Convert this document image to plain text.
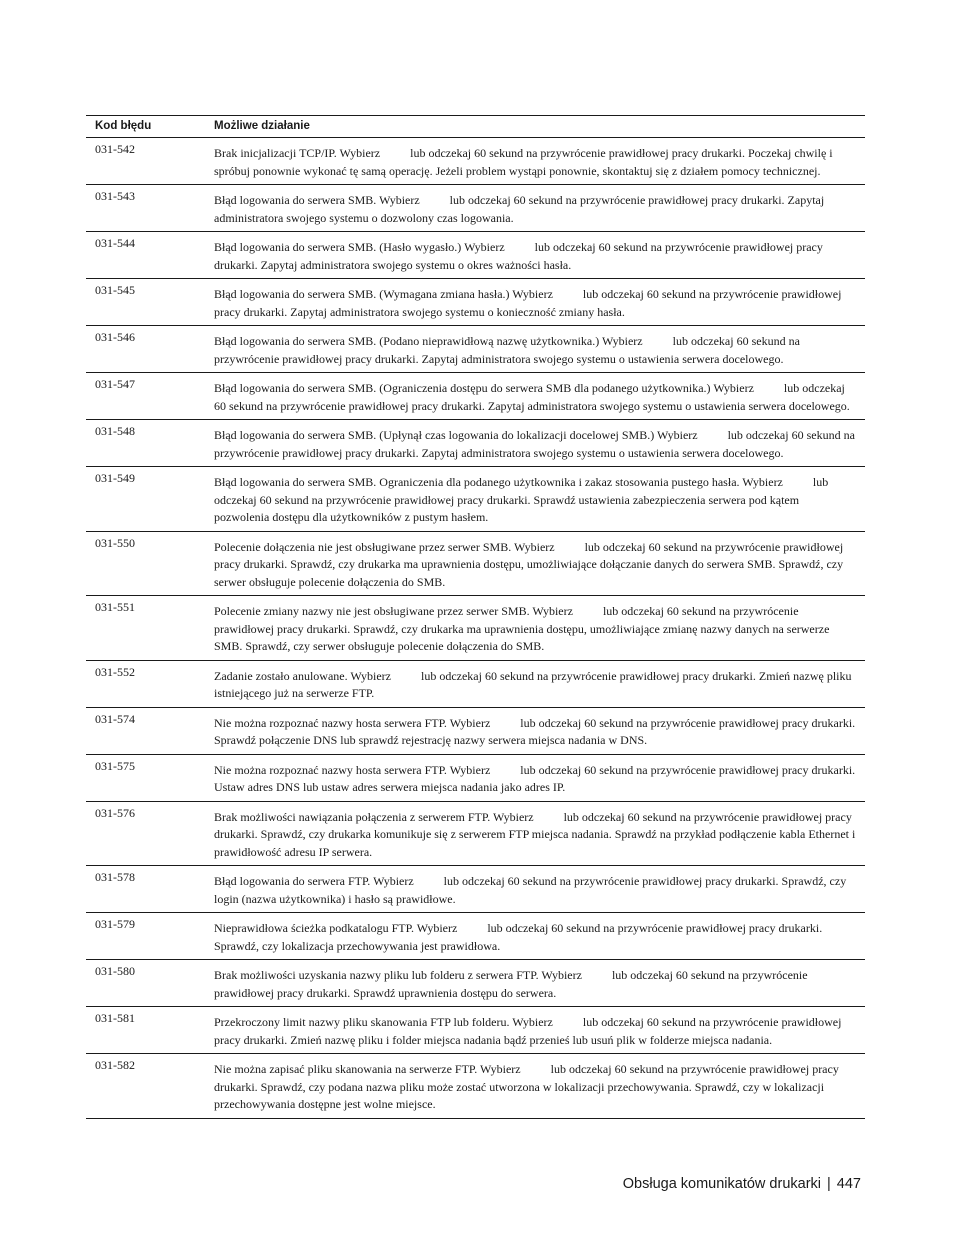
Kod błędu	Możliwe działanie
031-542	Brak inicjalizacji TCP/IP. Wybierz          lub odczekaj 60 sekund na przywrócenie prawidłowej pracy drukarki. Poczekaj chwilę i spróbuj ponownie wykonać tę samą operację. Jeżeli problem wystąpi ponownie, skontaktuj się z działem pomocy technicznej.
031-543	Błąd logowania do serwera SMB. Wybierz          lub odczekaj 60 sekund na przywrócenie prawidłowej pracy drukarki. Zapytaj administratora swojego systemu o dozwolony czas logowania.
031-544	Błąd logowania do serwera SMB. (Hasło wygasło.) Wybierz          lub odczekaj 60 sekund na przywrócenie prawidłowej pracy drukarki. Zapytaj administratora swojego systemu o okres ważności hasła.
031-545	Błąd logowania do serwera SMB. (Wymagana zmiana hasła.) Wybierz          lub odczekaj 60 sekund na przywrócenie prawidłowej pracy drukarki. Zapytaj administratora swojego systemu o konieczność zmiany hasła.
031-546	Błąd logowania do serwera SMB. (Podano nieprawidłową nazwę użytkownika.) Wybierz          lub odczekaj 60 sekund na przywrócenie prawidłowej pracy drukarki. Zapytaj administratora swojego systemu o ustawienia serwera docelowego.
031-547	Błąd logowania do serwera SMB. (Ograniczenia dostępu do serwera SMB dla podanego użytkownika.) Wybierz          lub odczekaj 60 sekund na przywrócenie prawidłowej pracy drukarki. Zapytaj administratora swojego systemu o ustawienia serwera docelowego.
031-548	Błąd logowania do serwera SMB. (Upłynął czas logowania do lokalizacji docelowej SMB.) Wybierz          lub odczekaj 60 sekund na przywrócenie prawidłowej pracy drukarki. Zapytaj administratora swojego systemu o ustawienia serwera docelowego.
031-549	Błąd logowania do serwera SMB. Ograniczenia dla podanego użytkownika i zakaz stosowania pustego hasła. Wybierz          lub odczekaj 60 sekund na przywrócenie prawidłowej pracy drukarki. Sprawdź ustawienia zabezpieczenia serwera pod kątem pozwolenia dostępu dla użytkowników z pustym hasłem.
031-550	Polecenie dołączenia nie jest obsługiwane przez serwer SMB. Wybierz          lub odczekaj 60 sekund na przywrócenie prawidłowej pracy drukarki. Sprawdź, czy drukarka ma uprawnienia dostępu, umożliwiające dołączanie danych do serwera SMB. Sprawdź, czy serwer obsługuje polecenie dołączenia do SMB.
031-551	Polecenie zmiany nazwy nie jest obsługiwane przez serwer SMB. Wybierz          lub odczekaj 60 sekund na przywrócenie prawidłowej pracy drukarki. Sprawdź, czy drukarka ma uprawnienia dostępu, umożliwiające zmianę nazwy danych na serwerze SMB. Sprawdź, czy serwer obsługuje polecenie dołączenia do SMB.
031-552	Zadanie zostało anulowane. Wybierz          lub odczekaj 60 sekund na przywrócenie prawidłowej pracy drukarki. Zmień nazwę pliku istniejącego już na serwerze FTP.
031-574	Nie można rozpoznać nazwy hosta serwera FTP. Wybierz          lub odczekaj 60 sekund na przywrócenie prawidłowej pracy drukarki. Sprawdź połączenie DNS lub sprawdź rejestrację nazwy serwera miejsca nadania w DNS.
031-575	Nie można rozpoznać nazwy hosta serwera FTP. Wybierz          lub odczekaj 60 sekund na przywrócenie prawidłowej pracy drukarki. Ustaw adres DNS lub ustaw adres serwera miejsca nadania jako adres IP.
031-576	Brak możliwości nawiązania połączenia z serwerem FTP. Wybierz          lub odczekaj 60 sekund na przywrócenie prawidłowej pracy drukarki. Sprawdź, czy drukarka komunikuje się z serwerem FTP miejsca nadania. Sprawdź na przykład podłączenie kabla Ethernet i prawidłowość adresu IP serwera.
031-578	Błąd logowania do serwera FTP. Wybierz          lub odczekaj 60 sekund na przywrócenie prawidłowej pracy drukarki. Sprawdź, czy login (nazwa użytkownika) i hasło są prawidłowe.
031-579	Nieprawidłowa ścieżka podkatalogu FTP. Wybierz          lub odczekaj 60 sekund na przywrócenie prawidłowej pracy drukarki. Sprawdź, czy lokalizacja przechowywania jest prawidłowa.
031-580	Brak możliwości uzyskania nazwy pliku lub folderu z serwera FTP. Wybierz          lub odczekaj 60 sekund na przywrócenie prawidłowej pracy drukarki. Sprawdź uprawnienia dostępu do serwera.
031-581	Przekroczony limit nazwy pliku skanowania FTP lub folderu. Wybierz          lub odczekaj 60 sekund na przywrócenie prawidłowej pracy drukarki. Zmień nazwę pliku i folder miejsca nadania bądź przenieś lub usuń plik w folderze miejsca nadania.
031-582	Nie można zapisać pliku skanowania na serwerze FTP. Wybierz          lub odczekaj 60 sekund na przywrócenie prawidłowej pracy drukarki. Sprawdź, czy podana nazwa pliku może zostać utworzona w lokalizacji przechowywania. Sprawdź, czy w lokalizacji przechowywania dostępne jest wolne miejsce.
Obsługa komunikatów drukarki | 447
